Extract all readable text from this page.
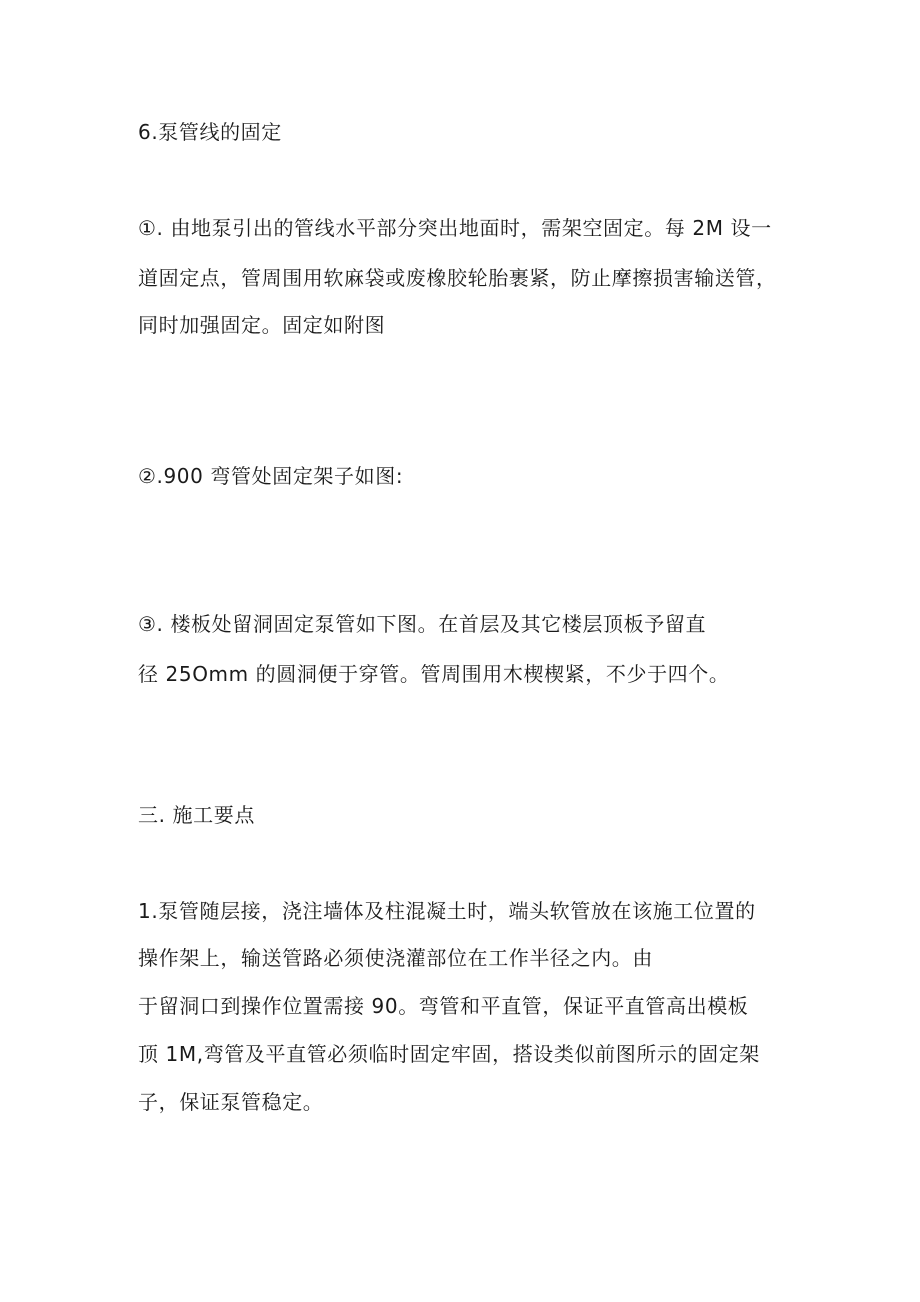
6.泵管线的固定
①. 由地泵引出的管线水平部分突出地面时，需架空固定。每 2M 设一
道固定点，管周围用软麻袋或废橡胶轮胎裹紧，防止摩擦损害输送管，
同时加强固定。固定如附图
②.900 弯管处固定架子如图:
③. 楼板处留洞固定泵管如下图。在首层及其它楼层顶板予留直
径 25Omm 的圆洞便于穿管。管周围用木楔楔紧，不少于四个。
三. 施工要点
1.泵管随层接，浇注墙体及柱混凝土时，端头软管放在该施工位置的
操作架上，输送管路必须使浇灌部位在工作半径之内。由
于留洞口到操作位置需接 90。弯管和平直管，保证平直管高出模板
顶 1M,弯管及平直管必须临时固定牢固，搭设类似前图所示的固定架
子，保证泵管稳定。
